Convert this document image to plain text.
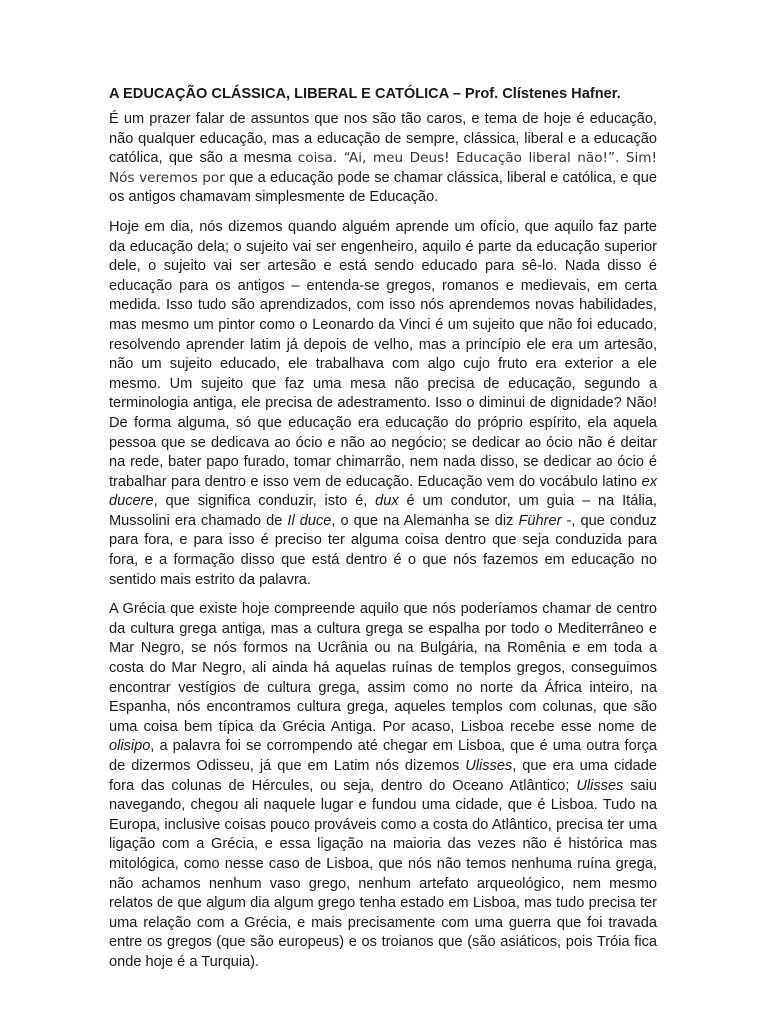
A EDUCAÇÃO CLÁSSICA, LIBERAL E CATÓLICA – Prof. Clístenes Hafner.

É um prazer falar de assuntos que nos são tão caros, e tema de hoje é educação, não qualquer educação, mas a educação de sempre, clássica, liberal e a educação católica, que são a mesma coisa. “Ai, meu Deus! Educação liberal não!”. Sim! Nós veremos por que a educação pode se chamar clássica, liberal e católica, e que os antigos chamavam simplesmente de Educação.

Hoje em dia, nós dizemos quando alguém aprende um ofício, que aquilo faz parte da educação dela; o sujeito vai ser engenheiro, aquilo é parte da educação superior dele, o sujeito vai ser artesão e está sendo educado para sê-lo. Nada disso é educação para os antigos – entenda-se gregos, romanos e medievais, em certa medida. Isso tudo são aprendizados, com isso nós aprendemos novas habilidades, mas mesmo um pintor como o Leonardo da Vinci é um sujeito que não foi educado, resolvendo aprender latim já depois de velho, mas a princípio ele era um artesão, não um sujeito educado, ele trabalhava com algo cujo fruto era exterior a ele mesmo. Um sujeito que faz uma mesa não precisa de educação, segundo a terminologia antiga, ele precisa de adestramento. Isso o diminui de dignidade? Não! De forma alguma, só que educação era educação do próprio espírito, ela aquela pessoa que se dedicava ao ócio e não ao negócio; se dedicar ao ócio não é deitar na rede, bater papo furado, tomar chimarrão, nem nada disso, se dedicar ao ócio é trabalhar para dentro e isso vem de educação. Educação vem do vocábulo latino ex ducere, que significa conduzir, isto é, dux é um condutor, um guia – na Itália, Mussolini era chamado de Il duce, o que na Alemanha se diz Führer -, que conduz para fora, e para isso é preciso ter alguma coisa dentro que seja conduzida para fora, e a formação disso que está dentro é o que nós fazemos em educação no sentido mais estrito da palavra.

A Grécia que existe hoje compreende aquilo que nós poderíamos chamar de centro da cultura grega antiga, mas a cultura grega se espalha por todo o Mediterrâneo e Mar Negro, se nós formos na Ucrânia ou na Bulgária, na Romênia e em toda a costa do Mar Negro, ali ainda há aquelas ruínas de templos gregos, conseguimos encontrar vestígios de cultura grega, assim como no norte da África inteiro, na Espanha, nós encontramos cultura grega, aqueles templos com colunas, que são uma coisa bem típica da Grécia Antiga. Por acaso, Lisboa recebe esse nome de olisipo, a palavra foi se corrompendo até chegar em Lisboa, que é uma outra força de dizermos Odisseu, já que em Latim nós dizemos Ulisses, que era uma cidade fora das colunas de Hércules, ou seja, dentro do Oceano Atlântico; Ulisses saiu navegando, chegou ali naquele lugar e fundou uma cidade, que é Lisboa. Tudo na Europa, inclusive coisas pouco prováveis como a costa do Atlântico, precisa ter uma ligação com a Grécia, e essa ligação na maioria das vezes não é histórica mas mitológica, como nesse caso de Lisboa, que nós não temos nenhuma ruína grega, não achamos nenhum vaso grego, nenhum artefato arqueológico, nem mesmo relatos de que algum dia algum grego tenha estado em Lisboa, mas tudo precisa ter uma relação com a Grécia, e mais precisamente com uma guerra que foi travada entre os gregos (que são europeus) e os troianos que (são asiáticos, pois Tróia fica onde hoje é a Turquia).
